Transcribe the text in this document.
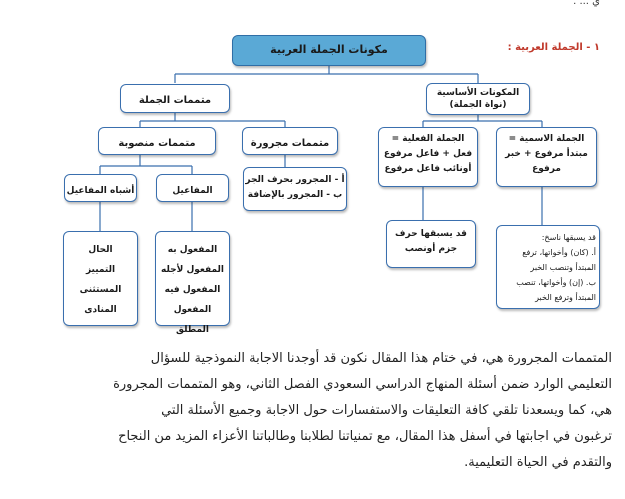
ي ... .
١ - الجملة العربية :
مكونات الجملة العربية
المكونات الأساسية
(نواة الجملة)
متممات الجملة
الجملة الاسمية =
مبتدأ مرفوع + خبر
مرفوع
الجملة الفعلية =
فعل + فاعل مرفوع
أونائب فاعل مرفوع
متممات مجرورة
أ - المجرور بحرف الجر
ب - المجرور بالإضافة
متممات منصوبة
أشباه المفاعيل	المفاعيل
الحال
التمييز
المستثنى
المنادى
المفعول به
المفعول لأجله
المفعول فيه
المفعول المطلق
قد يسبقها حرف
جزم أونصب
قد يسبقها ناسخ:
أ. (كان) وأخواتها، ترفع
المبتدأ وتنصب الخبر
ب. (إن) وأخواتها، تنصب
المبتدأ وترفع الخبر
المتممات المجرورة هي، في ختام هذا المقال نكون قد أوجدنا الاجابة النموذجية للسؤال
التعليمي الوارد ضمن أسئلة المنهاج الدراسي السعودي الفصل الثاني، وهو المتممات المجرورة
هي، كما ويسعدنا تلقي كافة التعليقات والاستفسارات حول الاجابة وجميع الأسئلة التي
ترغبون في اجابتها في أسفل هذا المقال، مع تمنياتنا لطلابنا وطالباتنا الأعزاء المزيد من النجاح
والتقدم في الحياة التعليمية.
